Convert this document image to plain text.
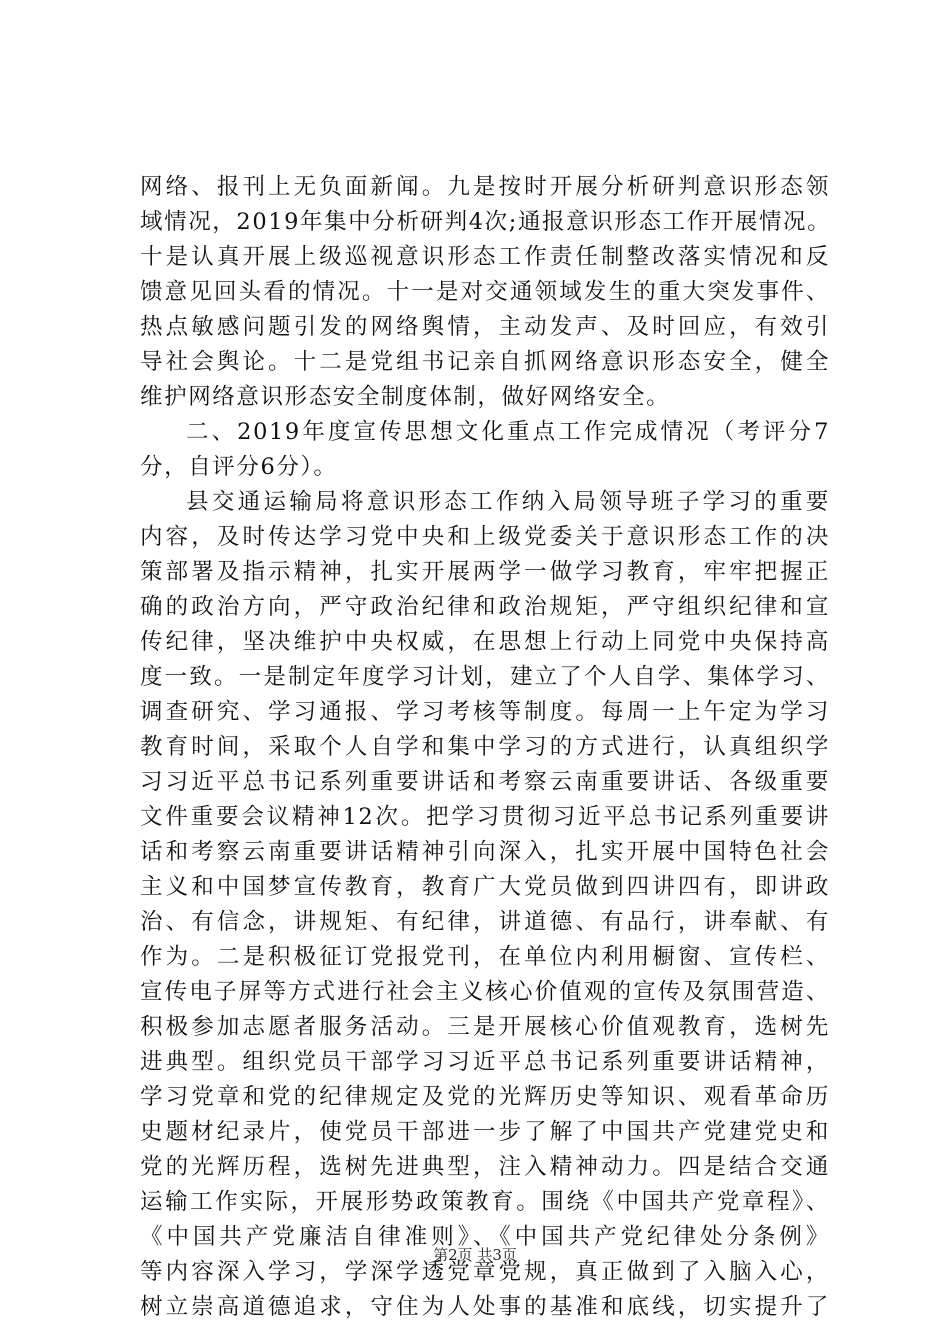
网络、报刊上无负面新闻。九是按时开展分析研判意识形态领
域情况，2019年集中分析研判4次;通报意识形态工作开展情况。
十是认真开展上级巡视意识形态工作责任制整改落实情况和反
馈意见回头看的情况。十一是对交通领域发生的重大突发事件、
热点敏感问题引发的网络舆情，主动发声、及时回应，有效引
导社会舆论。十二是党组书记亲自抓网络意识形态安全，健全
维护网络意识形态安全制度体制，做好网络安全。
二、2019年度宣传思想文化重点工作完成情况（考评分7
分，自评分6分）。
县交通运输局将意识形态工作纳入局领导班子学习的重要
内容，及时传达学习党中央和上级党委关于意识形态工作的决
策部署及指示精神，扎实开展两学一做学习教育，牢牢把握正
确的政治方向，严守政治纪律和政治规矩，严守组织纪律和宣
传纪律，坚决维护中央权威，在思想上行动上同党中央保持高
度一致。一是制定年度学习计划，建立了个人自学、集体学习、
调查研究、学习通报、学习考核等制度。每周一上午定为学习
教育时间，采取个人自学和集中学习的方式进行，认真组织学
习习近平总书记系列重要讲话和考察云南重要讲话、各级重要
文件重要会议精神12次。把学习贯彻习近平总书记系列重要讲
话和考察云南重要讲话精神引向深入，扎实开展中国特色社会
主义和中国梦宣传教育，教育广大党员做到四讲四有，即讲政
治、有信念，讲规矩、有纪律，讲道德、有品行，讲奉献、有
作为。二是积极征订党报党刊，在单位内利用橱窗、宣传栏、
宣传电子屏等方式进行社会主义核心价值观的宣传及氛围营造、
积极参加志愿者服务活动。三是开展核心价值观教育，选树先
进典型。组织党员干部学习习近平总书记系列重要讲话精神，
学习党章和党的纪律规定及党的光辉历史等知识、观看革命历
史题材纪录片，使党员干部进一步了解了中国共产党建党史和
党的光辉历程，选树先进典型，注入精神动力。四是结合交通
运输工作实际，开展形势政策教育。围绕《中国共产党章程》、
《中国共产党廉洁自律准则》、《中国共产党纪律处分条例》
等内容深入学习，学深学透党章党规，真正做到了入脑入心，
树立崇高道德追求，守住为人处事的基准和底线，切实提升了
第2页 共3页
